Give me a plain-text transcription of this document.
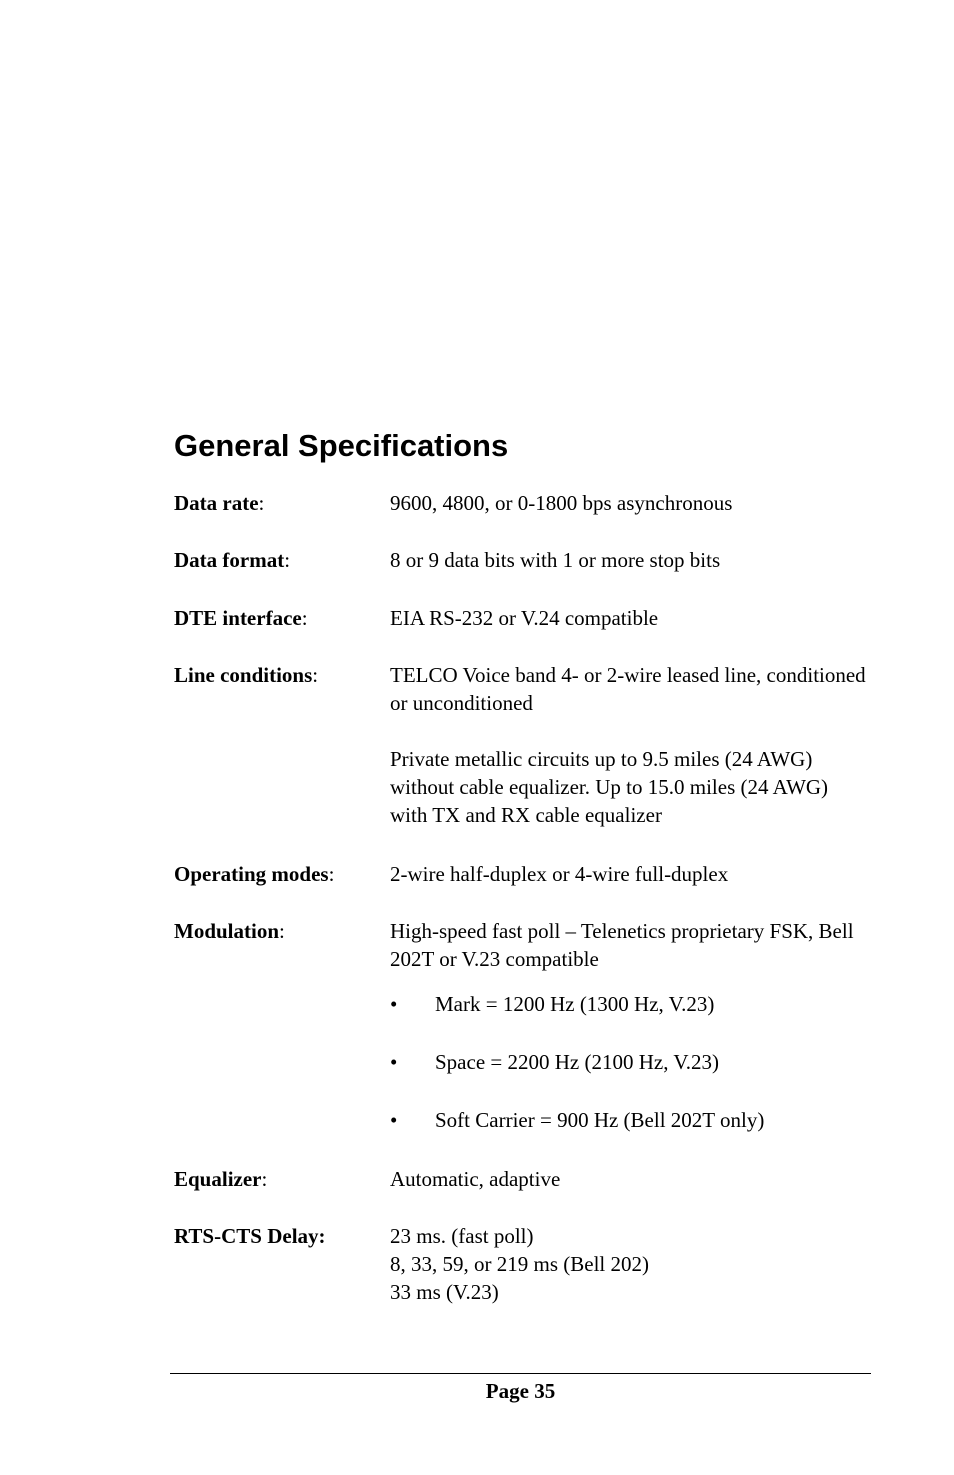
General Specifications
Data rate:	9600, 4800, or 0-1800 bps asynchronous
Data format:	8 or 9 data bits with 1 or more stop bits
DTE interface:	EIA RS-232 or V.24 compatible
Line conditions:	TELCO Voice band 4- or 2-wire leased line, conditioned or unconditioned

Private metallic circuits up to 9.5 miles (24 AWG) without cable equalizer. Up to 15.0 miles (24 AWG) with TX and RX cable equalizer

Operating modes:	2-wire half-duplex or 4-wire full-duplex
Modulation:	High-speed fast poll – Telenetics proprietary FSK, Bell 202T or V.23 compatible

• Mark = 1200 Hz (1300 Hz, V.23)
• Space = 2200 Hz (2100 Hz, V.23)
• Soft Carrier = 900 Hz (Bell 202T only)
Equalizer:	Automatic, adaptive
RTS-CTS Delay:	23 ms. (fast poll)

8, 33, 59, or 219 ms (Bell 202)

33 ms (V.23)

Page 35
